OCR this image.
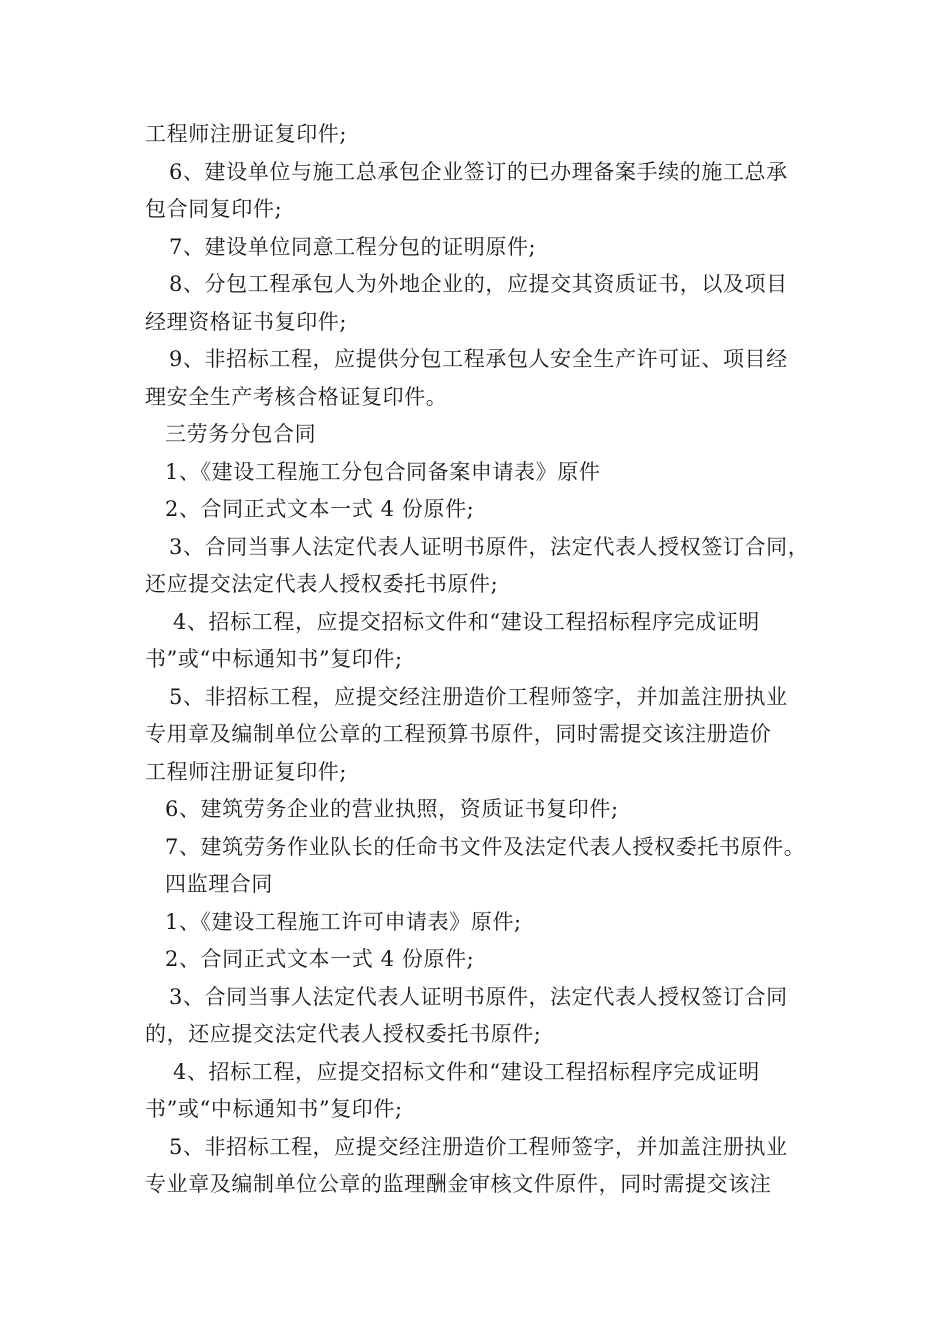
工程师注册证复印件;
6、建设单位与施工总承包企业签订的已办理备案手续的施工总承
包合同复印件;
7、建设单位同意工程分包的证明原件;
8、分包工程承包人为外地企业的，应提交其资质证书，以及项目
经理资格证书复印件;
9、非招标工程，应提供分包工程承包人安全生产许可证、项目经
理安全生产考核合格证复印件。
三劳务分包合同
1、《建设工程施工分包合同备案申请表》原件
2、合同正式文本一式 4 份原件;
3、合同当事人法定代表人证明书原件，法定代表人授权签订合同，
还应提交法定代表人授权委托书原件;
4、招标工程，应提交招标文件和“建设工程招标程序完成证明
书”或“中标通知书”复印件;
5、非招标工程，应提交经注册造价工程师签字，并加盖注册执业
专用章及编制单位公章的工程预算书原件，同时需提交该注册造价
工程师注册证复印件;
6、建筑劳务企业的营业执照，资质证书复印件;
7、建筑劳务作业队长的任命书文件及法定代表人授权委托书原件。
四监理合同
1、《建设工程施工许可申请表》原件;
2、合同正式文本一式 4 份原件;
3、合同当事人法定代表人证明书原件，法定代表人授权签订合同
的，还应提交法定代表人授权委托书原件;
4、招标工程，应提交招标文件和“建设工程招标程序完成证明
书”或“中标通知书”复印件;
5、非招标工程，应提交经注册造价工程师签字，并加盖注册执业
专业章及编制单位公章的监理酬金审核文件原件，同时需提交该注
